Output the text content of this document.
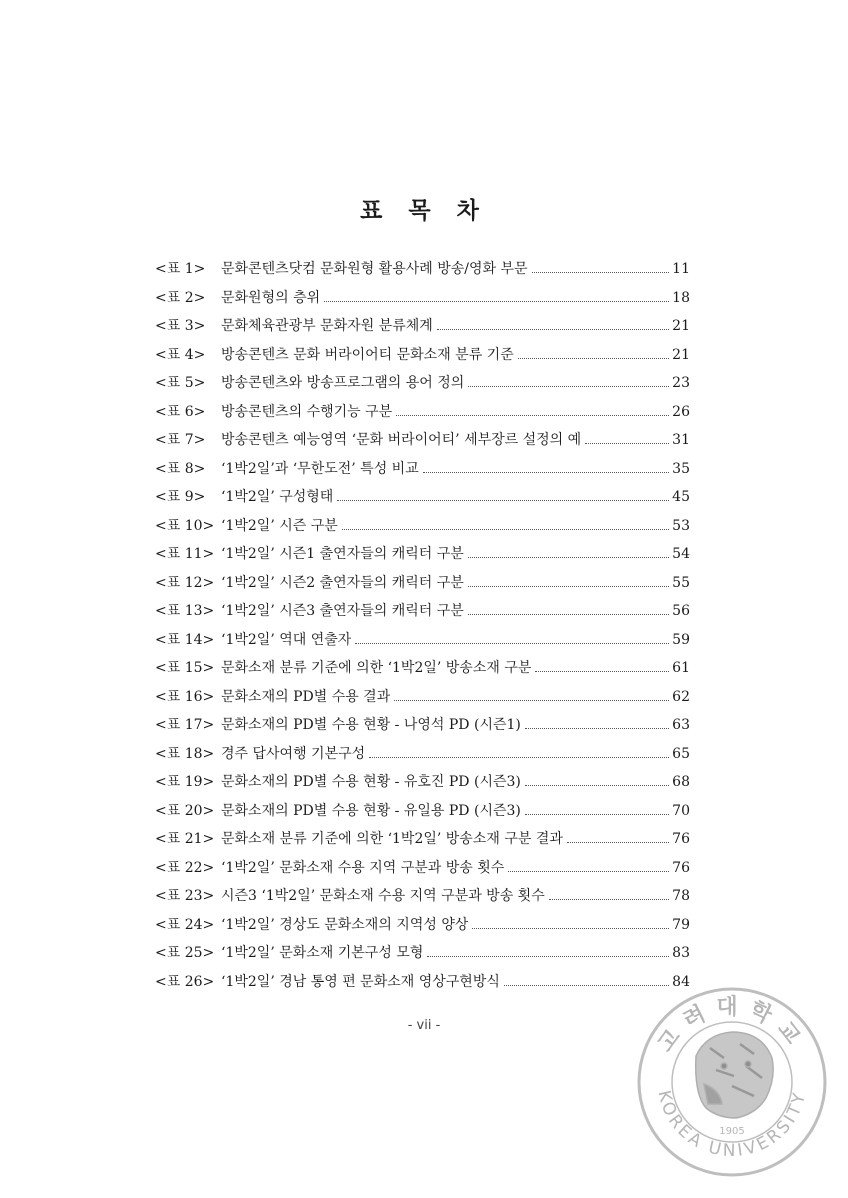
표 목 차
<표 1>	문화콘텐츠닷컴 문화원형 활용사례 방송/영화 부문	11
<표 2>	문화원형의 층위	18
<표 3>	문화체육관광부 문화자원 분류체계	21
<표 4>	방송콘텐츠 문화 버라이어티 문화소재 분류 기준	21
<표 5>	방송콘텐츠와 방송프로그램의 용어 정의	23
<표 6>	방송콘텐츠의 수행기능 구분	26
<표 7>	방송콘텐츠 예능영역 ‘문화 버라이어티’ 세부장르 설정의 예	31
<표 8>	‘1박2일’과 ‘무한도전’ 특성 비교	35
<표 9>	‘1박2일’ 구성형태	45
<표 10> ‘1박2일’ 시즌 구분	53
<표 11> ‘1박2일’ 시즌1 출연자들의 캐릭터 구분	54
<표 12> ‘1박2일’ 시즌2 출연자들의 캐릭터 구분	55
<표 13> ‘1박2일’ 시즌3 출연자들의 캐릭터 구분	56
<표 14> ‘1박2일’ 역대 연출자	59
<표 15> 문화소재 분류 기준에 의한 ‘1박2일’ 방송소재 구분	61
<표 16> 문화소재의 PD별 수용 결과	62
<표 17> 문화소재의 PD별 수용 현황 - 나영석 PD (시즌1)	63
<표 18> 경주 답사여행 기본구성	65
<표 19> 문화소재의 PD별 수용 현황 - 유호진 PD (시즌3)	68
<표 20> 문화소재의 PD별 수용 현황 - 유일용 PD (시즌3)	70
<표 21> 문화소재 분류 기준에 의한 ‘1박2일’ 방송소재 구분 결과	76
<표 22> ‘1박2일’ 문화소재 수용 지역 구분과 방송 횟수	76
<표 23> 시즌3 ‘1박2일’ 문화소재 수용 지역 구분과 방송 횟수	78
<표 24> ‘1박2일’ 경상도 문화소재의 지역성 양상	79
<표 25> ‘1박2일’ 문화소재 기본구성 모형	83
<표 26> ‘1박2일’ 경남 통영 편 문화소재 영상구현방식	84
- vii -	고려대학교
KOREA UNIVERSITY
1905
